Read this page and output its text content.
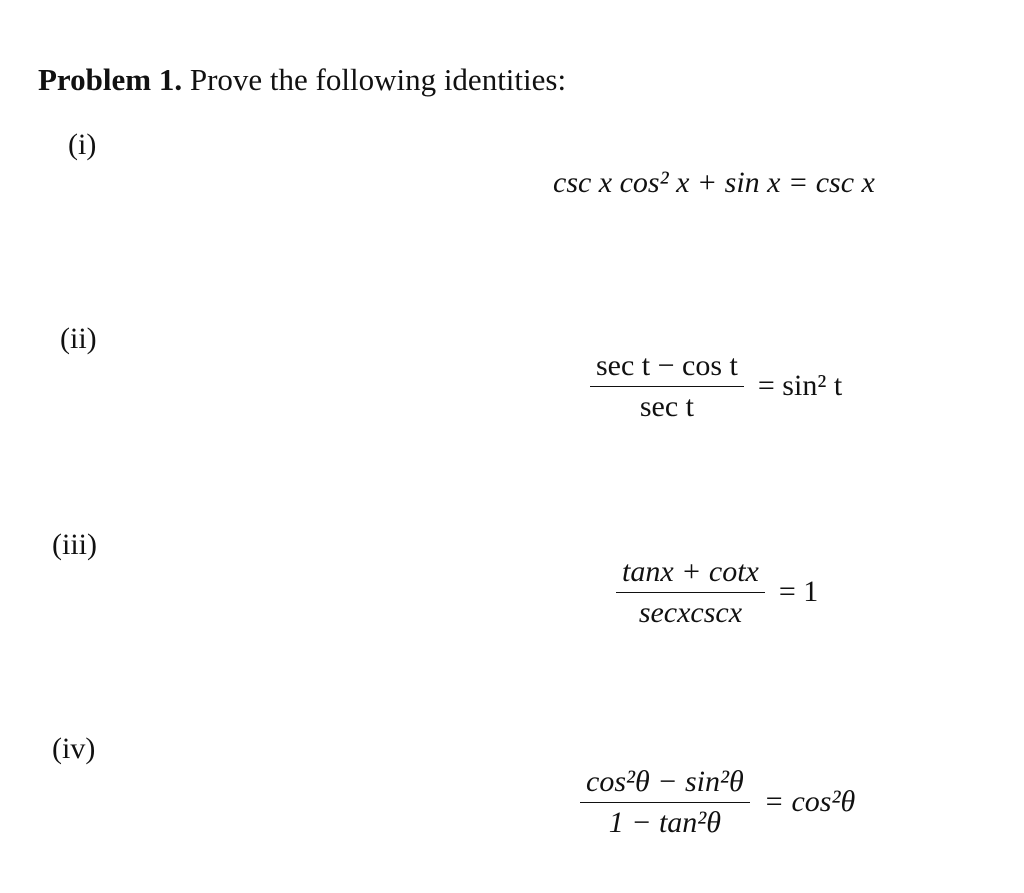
Problem 1. Prove the following identities:
(i)
csc x cos² x + sin x = csc x
(ii)
$\frac{\text{sec t − cos t}}{\text{sec t}} = \sin^2$ t
(iii)
$\frac{\tan x + \cot x}{\text{secxcscx}} = 1$
(iv)
$\frac{\text{cos²θ − sin²θ}}{\text{1 − tan²θ}} = \cos^2\theta$
